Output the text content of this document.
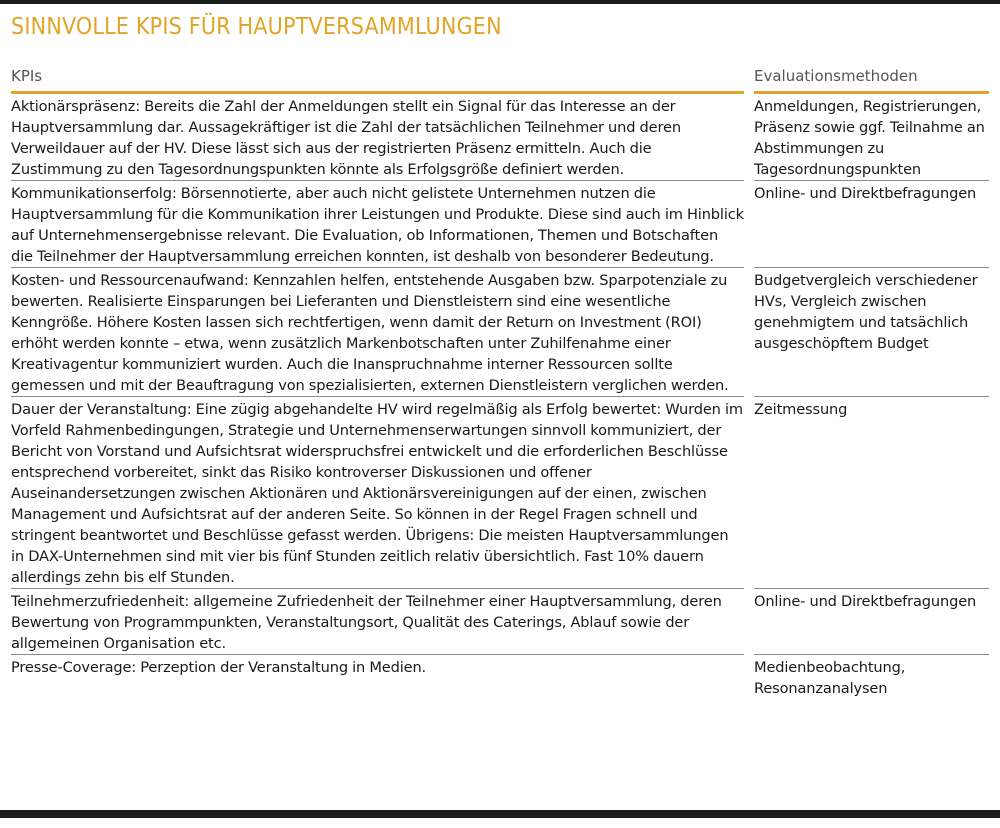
SINNVOLLE KPIS FÜR HAUPTVERSAMMLUNGEN
KPIs		Evaluationsmethoden

Aktionärspräsenz: Bereits die Zahl der Anmeldungen stellt ein Signal für das Interesse an der Hauptversammlung dar. Aussagekräftiger ist die Zahl der tatsächlichen Teilnehmer und deren Verweildauer auf der HV. Diese lässt sich aus der registrierten Präsenz ermitteln. Auch die Zustimmung zu den Tagesordnungspunkten könnte als Erfolgsgröße definiert werden.		Anmeldungen, Registrierungen, Präsenz sowie ggf. Teilnahme an Abstimmungen zu Tagesordnungspunkten

Kommunikationserfolg: Börsennotierte, aber auch nicht gelistete Unternehmen nutzen die Hauptversammlung für die Kommunikation ihrer Leistungen und Produkte. Diese sind auch im Hinblick auf Unternehmensergebnisse relevant. Die Evaluation, ob Informationen, Themen und Botschaften die Teilnehmer der Hauptversammlung erreichen konnten, ist deshalb von besonderer Bedeutung.		Online- und Direktbefragungen

Kosten- und Ressourcenaufwand: Kennzahlen helfen, entstehende Ausgaben bzw. Sparpotenziale zu bewerten. Realisierte Einsparungen bei Lieferanten und Dienstleistern sind eine wesentliche Kenngröße. Höhere Kosten lassen sich rechtfertigen, wenn damit der Return on Investment (ROI) erhöht werden konnte – etwa, wenn zusätzlich Markenbotschaften unter Zuhilfenahme einer Kreativagentur kommuniziert wurden. Auch die Inanspruchnahme interner Ressourcen sollte gemessen und mit der Beauftragung von spezialisierten, externen Dienstleistern verglichen werden.		Budgetvergleich verschiedener HVs, Vergleich zwischen genehmigtem und tatsächlich ausgeschöpftem Budget

Dauer der Veranstaltung: Eine zügig abgehandelte HV wird regelmäßig als Erfolg bewertet: Wurden im Vorfeld Rahmenbedingungen, Strategie und Unternehmenserwartungen sinnvoll kommuniziert, der Bericht von Vorstand und Aufsichtsrat widerspruchsfrei entwickelt und die erforderlichen Beschlüsse entsprechend vorbereitet, sinkt das Risiko kontroverser Diskussionen und offener Auseinandersetzungen zwischen Aktionären und Aktionärsvereinigungen auf der einen, zwischen Management und Aufsichtsrat auf der anderen Seite. So können in der Regel Fragen schnell und stringent beantwortet und Beschlüsse gefasst werden. Übrigens: Die meisten Hauptversammlungen in DAX-Unternehmen sind mit vier bis fünf Stunden zeitlich relativ übersichtlich. Fast 10% dauern allerdings zehn bis elf Stunden.		Zeitmessung

Teilnehmerzufriedenheit: allgemeine Zufriedenheit der Teilnehmer einer Hauptversammlung, deren Bewertung von Programmpunkten, Veranstaltungsort, Qualität des Caterings, Ablauf sowie der allgemeinen Organisation etc.		Online- und Direktbefragungen

Presse-Coverage: Perzeption der Veranstaltung in Medien.		Medienbeobachtung, Resonanzanalysen
